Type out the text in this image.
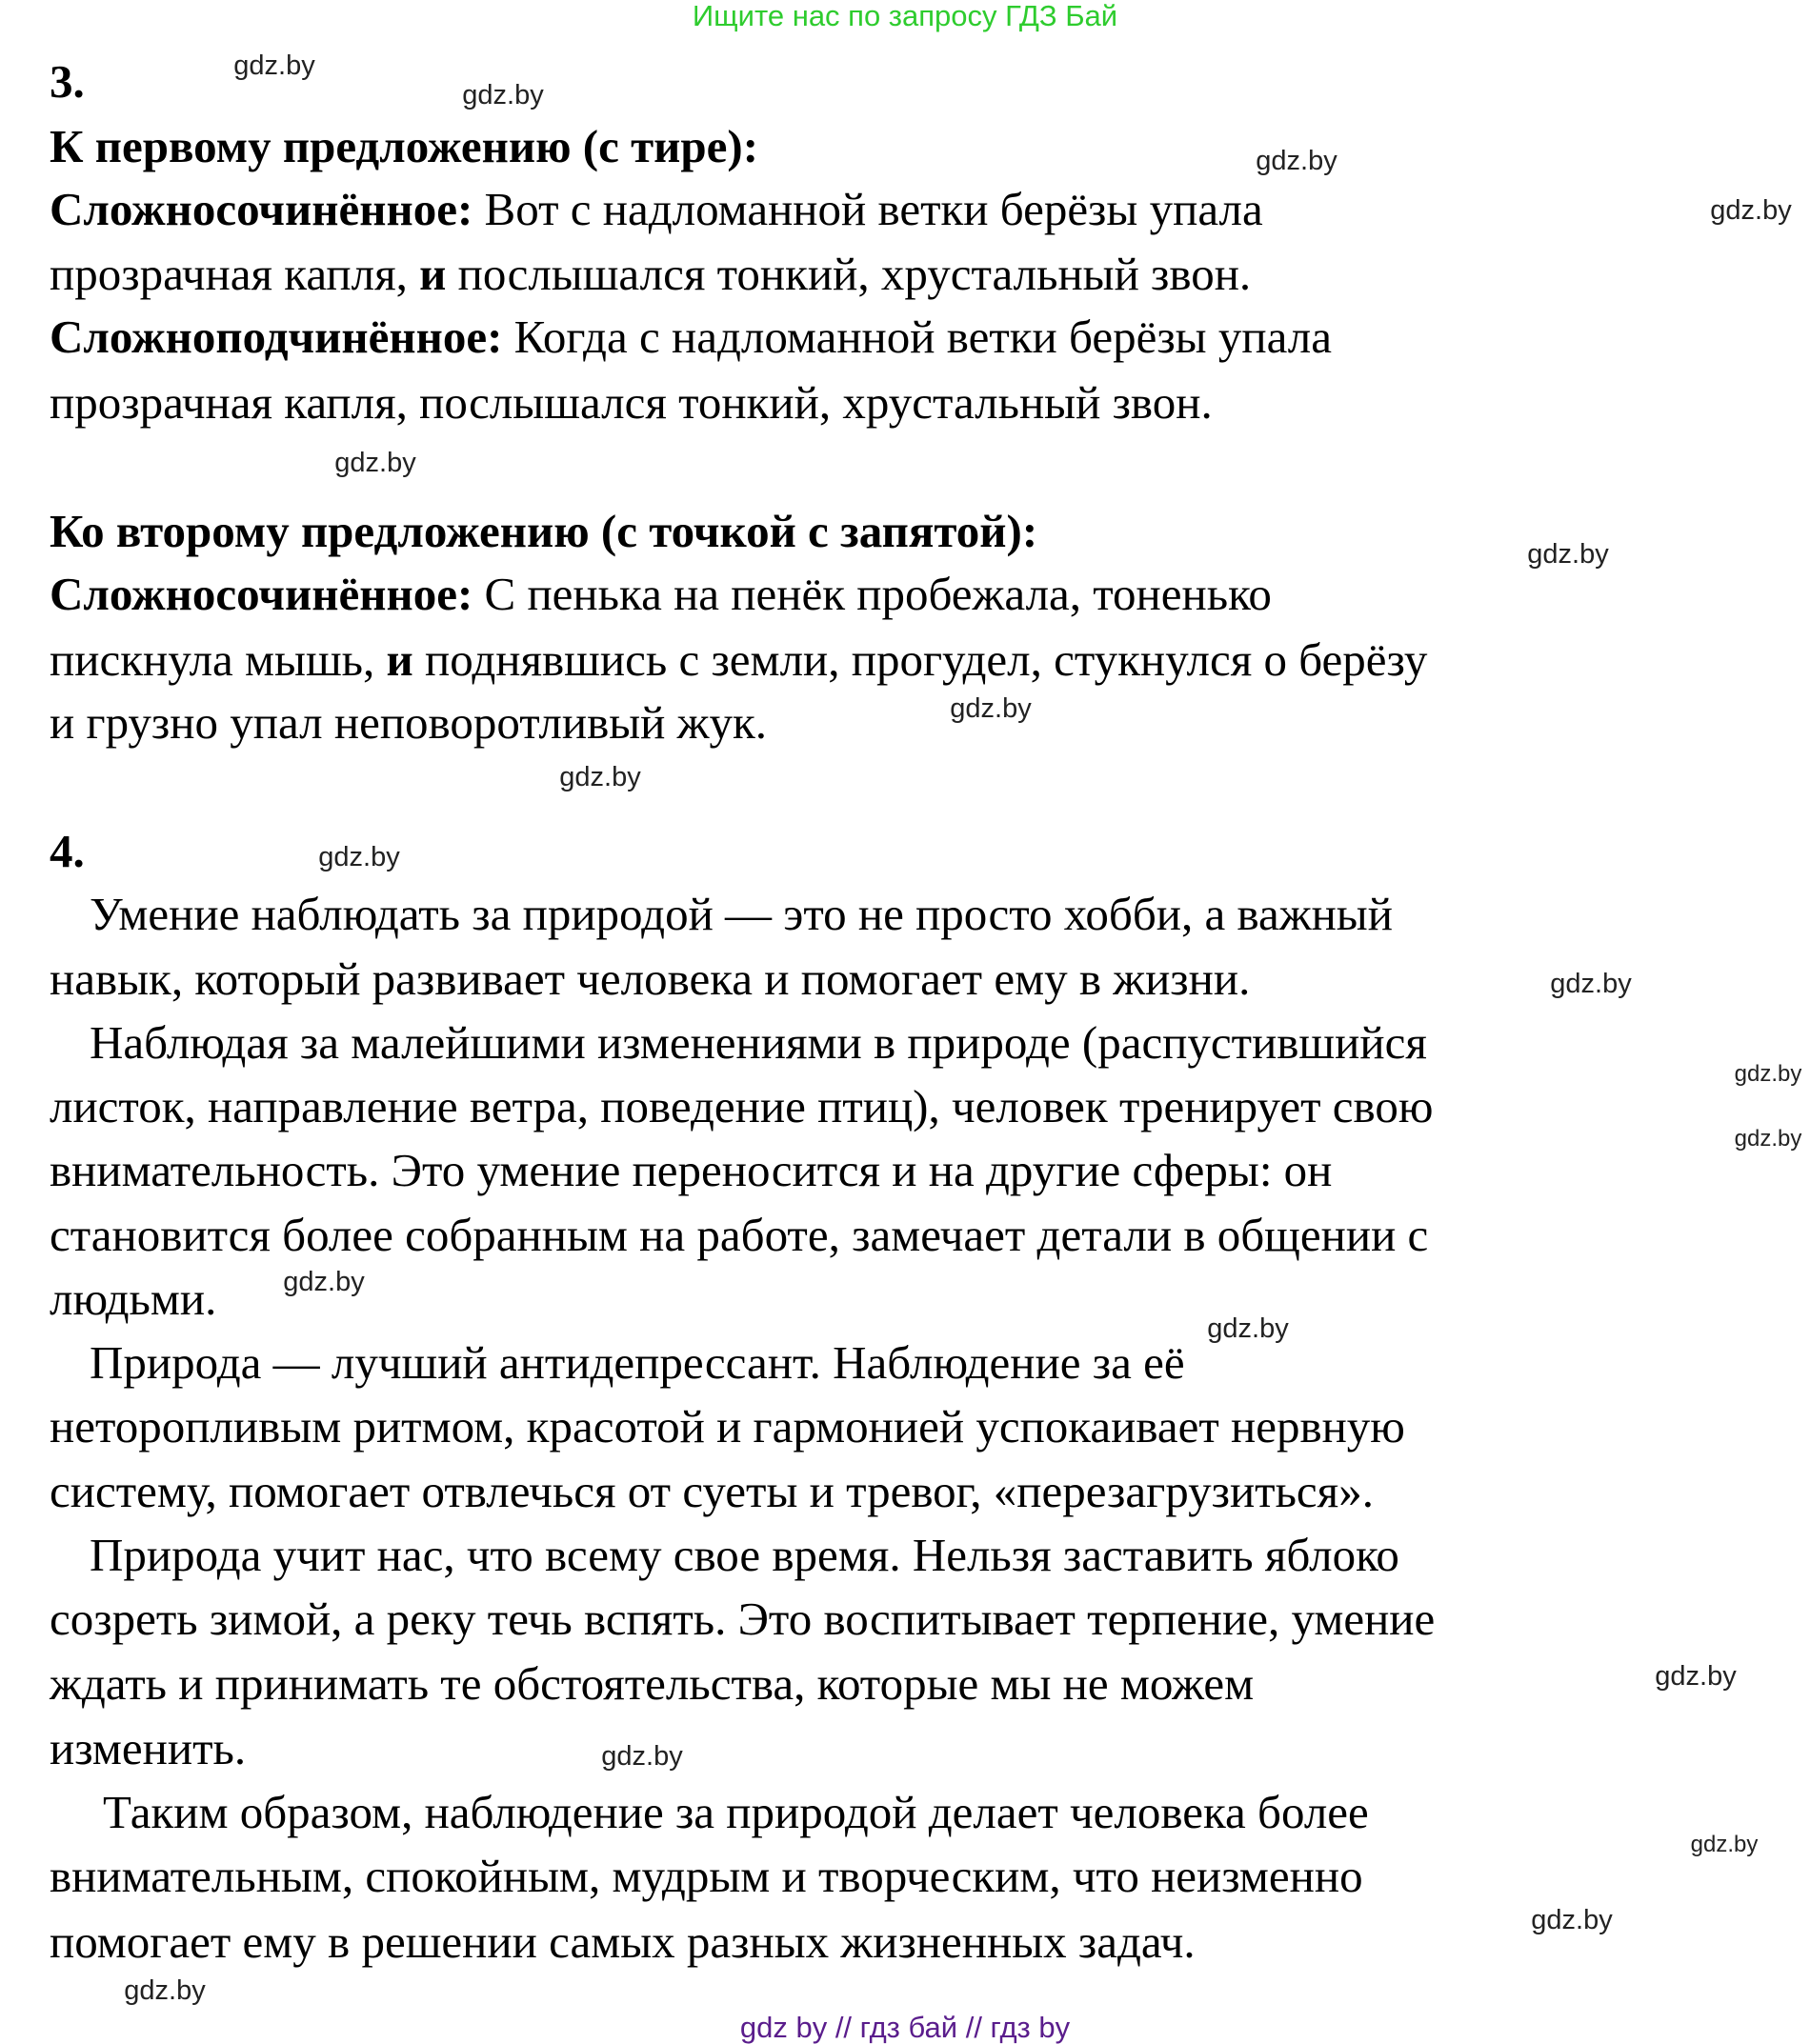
Ищите нас по запросу ГДЗ Бай
3.
4.
К первому предложению (с тире):
Сложносочинённое: Вот с надломанной ветки берёзы упала
прозрачная капля, и послышался тонкий, хрустальный звон.
Сложноподчинённое: Когда с надломанной ветки берёзы упала
прозрачная капля, послышался тонкий, хрустальный звон.
Ко второму предложению (с точкой с запятой):
Сложносочинённое: С пенька на пенёк пробежала, тоненько
пискнула мышь, и поднявшись с земли, прогудел, стукнулся о берёзу
и грузно упал неповоротливый жук.
Умение наблюдать за природой — это не просто хобби, а важный
навык, который развивает человека и помогает ему в жизни.
Наблюдая за малейшими изменениями в природе (распустившийся
листок, направление ветра, поведение птиц), человек тренирует свою
внимательность. Это умение переносится и на другие сферы: он
становится более собранным на работе, замечает детали в общении с
людьми.
Природа — лучший антидепрессант. Наблюдение за её
неторопливым ритмом, красотой и гармонией успокаивает нервную
систему, помогает отвлечься от суеты и тревог, «перезагрузиться».
Природа учит нас, что всему свое время. Нельзя заставить яблоко
созреть зимой, а реку течь вспять. Это воспитывает терпение, умение
ждать и принимать те обстоятельства, которые мы не можем
изменить.
Таким образом, наблюдение за природой делает человека более
внимательным, спокойным, мудрым и творческим, что неизменно
помогает ему в решении самых разных жизненных задач.
gdz.by
gdz.by
gdz.by
gdz.by
gdz.by
gdz.by
gdz.by
gdz.by
gdz.by
gdz.by
gdz.by
gdz.by
gdz.by
gdz.by
gdz.by
gdz.by
gdz.by
gdz.by
gdz.by
gdz by // гдз бай // гдз by
